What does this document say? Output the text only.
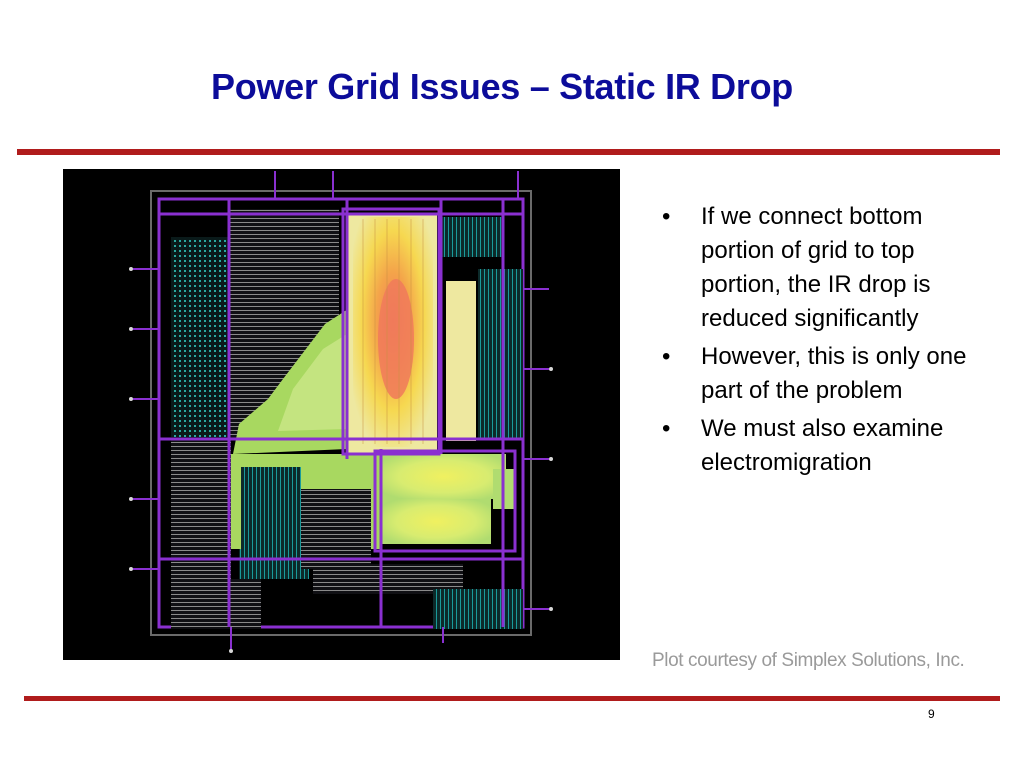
Power Grid Issues – Static IR Drop
• If we connect bottom portion of grid to top portion, the IR drop is reduced significantly
• However, this is only one part of the problem
• We must also examine electromigration
Plot courtesy of Simplex Solutions, Inc.
9
